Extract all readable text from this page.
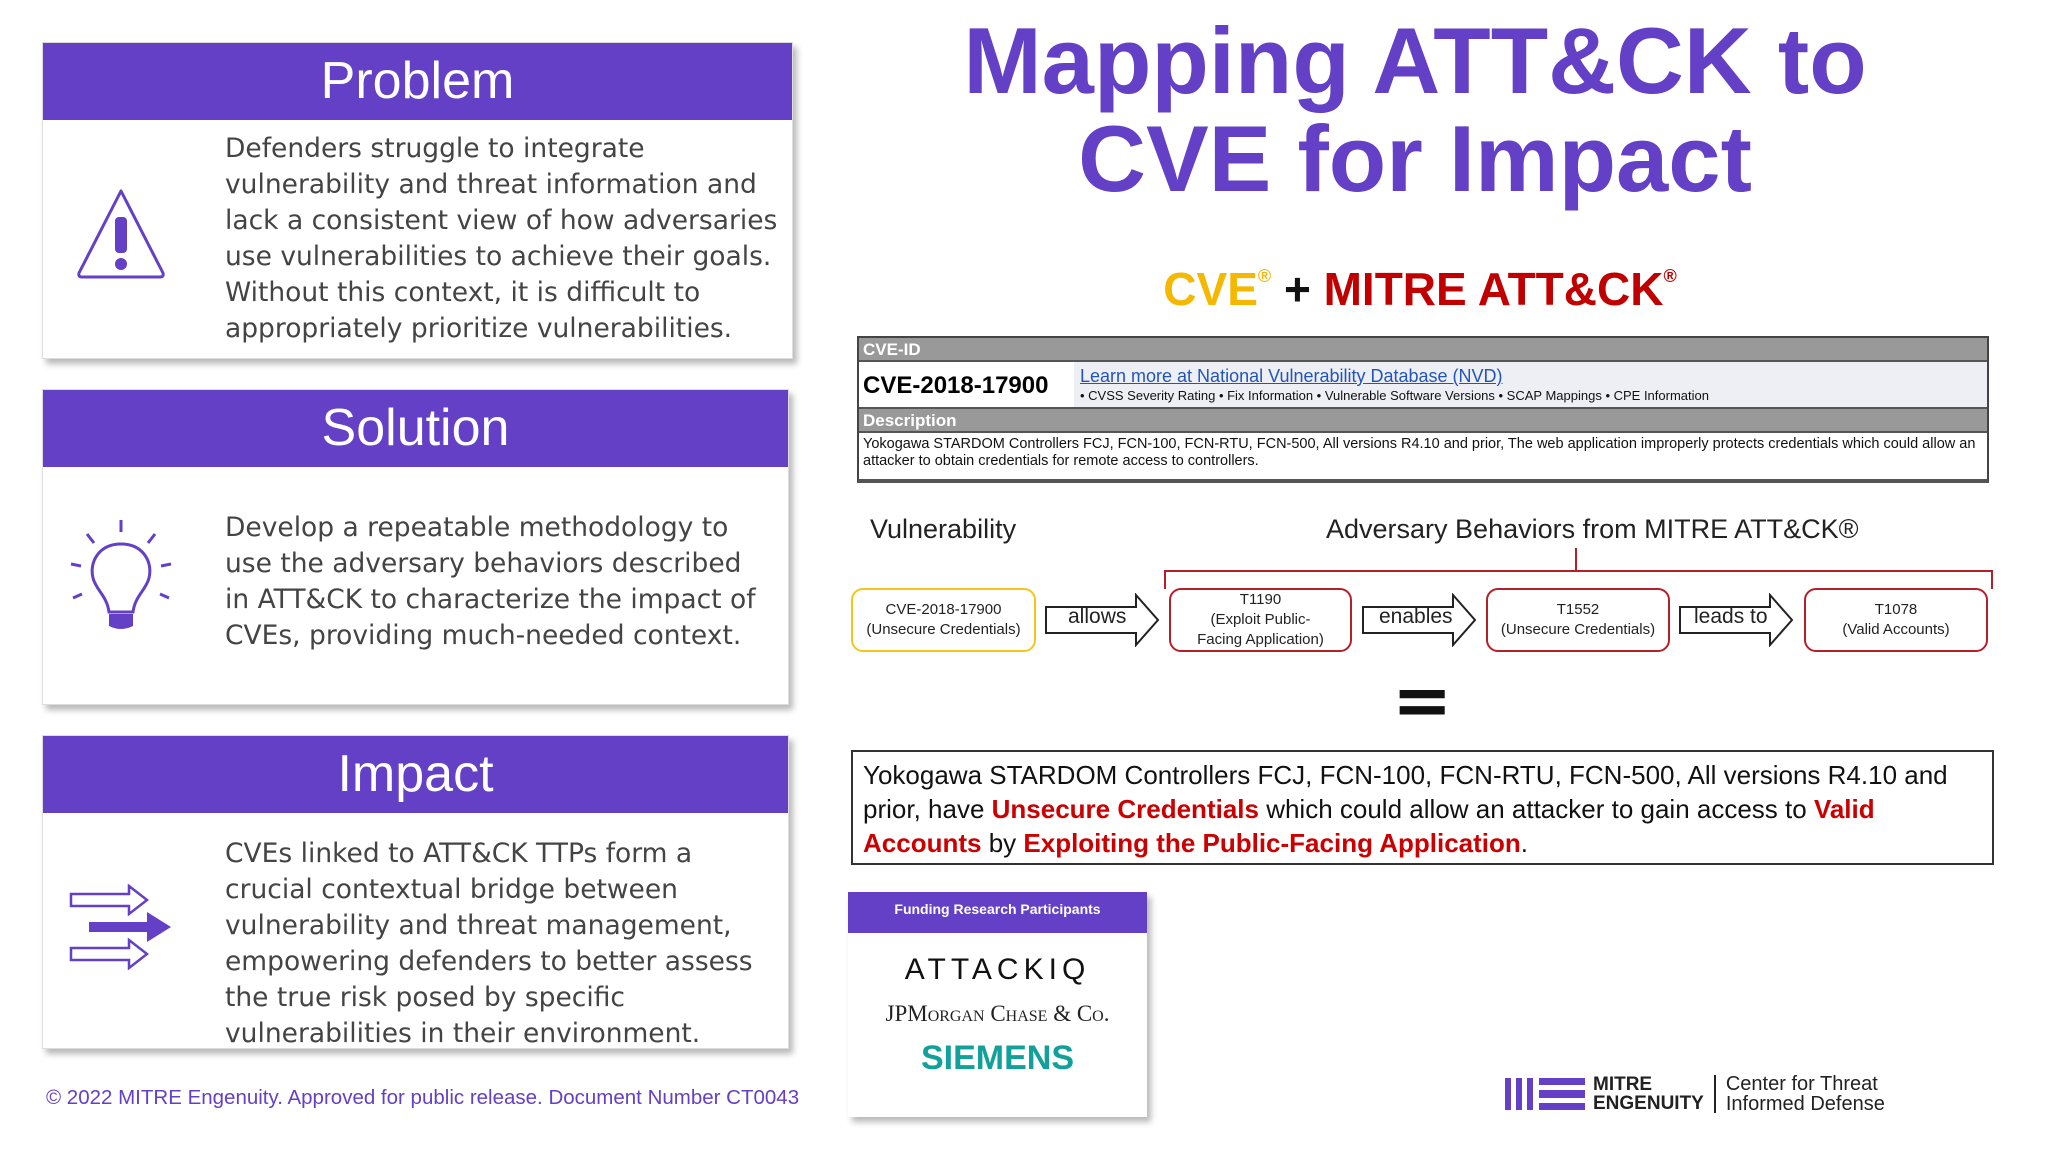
Problem
Defenders struggle to integrate vulnerability and threat information and lack a consistent view of how adversaries use vulnerabilities to achieve their goals. Without this context, it is difficult to appropriately prioritize vulnerabilities.
Solution
Develop a repeatable methodology to use the adversary behaviors described in ATT&CK to characterize the impact of CVEs, providing much-needed context.
Impact
CVEs linked to ATT&CK TTPs form a crucial contextual bridge between vulnerability and threat management, empowering defenders to better assess the true risk posed by specific vulnerabilities in their environment.
Mapping ATT&CK to
CVE for Impact
CVE® + MITRE ATT&CK®
CVE-ID
CVE-2018-17900	Learn more at National Vulnerability Database (NVD)
• CVSS Severity Rating • Fix Information • Vulnerable Software Versions • SCAP Mappings • CPE Information
Description
Yokogawa STARDOM Controllers FCJ, FCN-100, FCN-RTU, FCN-500, All versions R4.10 and prior, The web application improperly protects credentials which could allow an attacker to obtain credentials for remote access to controllers.
Vulnerability	Adversary Behaviors from MITRE ATT&CK®
CVE-2018-17900
(Unsecure Credentials)
T1190
(Exploit Public-Facing Application)
T1552
(Unsecure Credentials)
T1078
(Valid Accounts)
allows	enables	leads to
=
Yokogawa STARDOM Controllers FCJ, FCN-100, FCN-RTU, FCN-500, All versions R4.10 and prior, have Unsecure Credentials which could allow an attacker to gain access to Valid Accounts by Exploiting the Public-Facing Application.
Funding Research Participants
ATTACKIQ
JPMorgan Chase & Co.
SIEMENS
© 2022 MITRE Engenuity. Approved for public release. Document Number CT0043
MITRE
ENGENUITY
Center for Threat
Informed Defense
